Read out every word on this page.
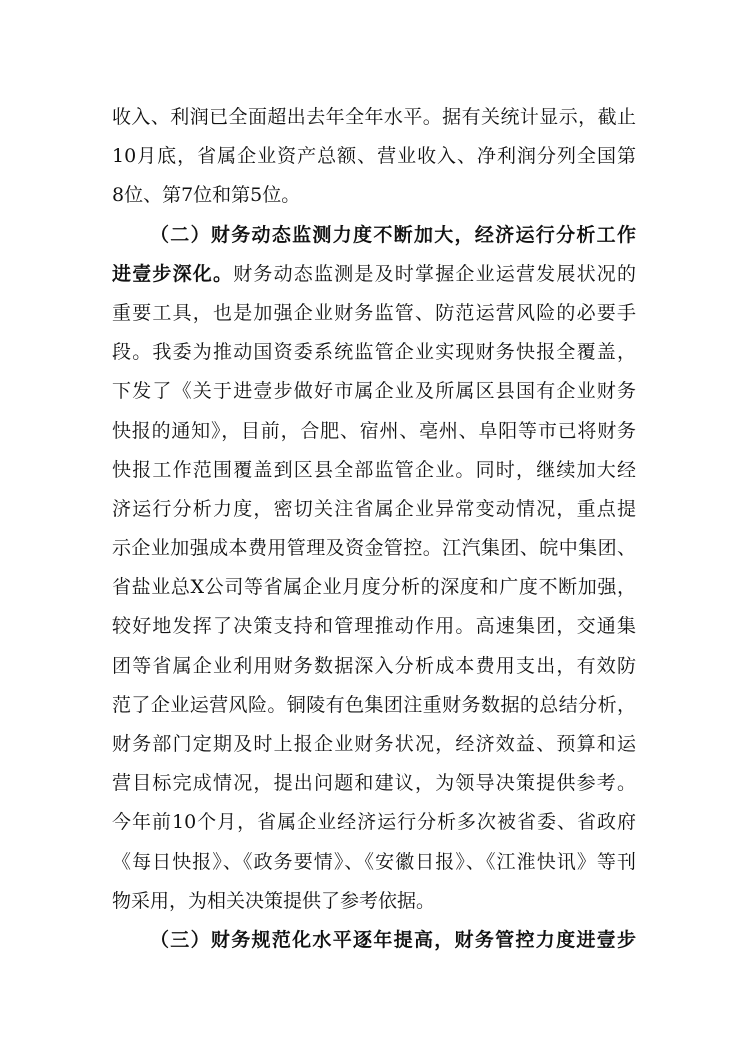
收入、利润已全面超出去年全年水平。据有关统计显示，截止
10月底，省属企业资产总额、营业收入、净利润分列全国第
8位、第7位和第5位。
（二）财务动态监测力度不断加大，经济运行分析工作
进壹步深化。财务动态监测是及时掌握企业运营发展状况的
重要工具，也是加强企业财务监管、防范运营风险的必要手
段。我委为推动国资委系统监管企业实现财务快报全覆盖，
下发了《关于进壹步做好市属企业及所属区县国有企业财务
快报的通知》，目前，合肥、宿州、亳州、阜阳等市已将财务
快报工作范围覆盖到区县全部监管企业。同时，继续加大经
济运行分析力度，密切关注省属企业异常变动情况，重点提
示企业加强成本费用管理及资金管控。江汽集团、皖中集团、
省盐业总X公司等省属企业月度分析的深度和广度不断加强，
较好地发挥了决策支持和管理推动作用。高速集团，交通集
团等省属企业利用财务数据深入分析成本费用支出，有效防
范了企业运营风险。铜陵有色集团注重财务数据的总结分析，
财务部门定期及时上报企业财务状况，经济效益、预算和运
营目标完成情况，提出问题和建议，为领导决策提供参考。
今年前10个月，省属企业经济运行分析多次被省委、省政府
《每日快报》、《政务要情》、《安徽日报》、《江淮快讯》等刊
物采用，为相关决策提供了参考依据。
（三）财务规范化水平逐年提高，财务管控力度进壹步
